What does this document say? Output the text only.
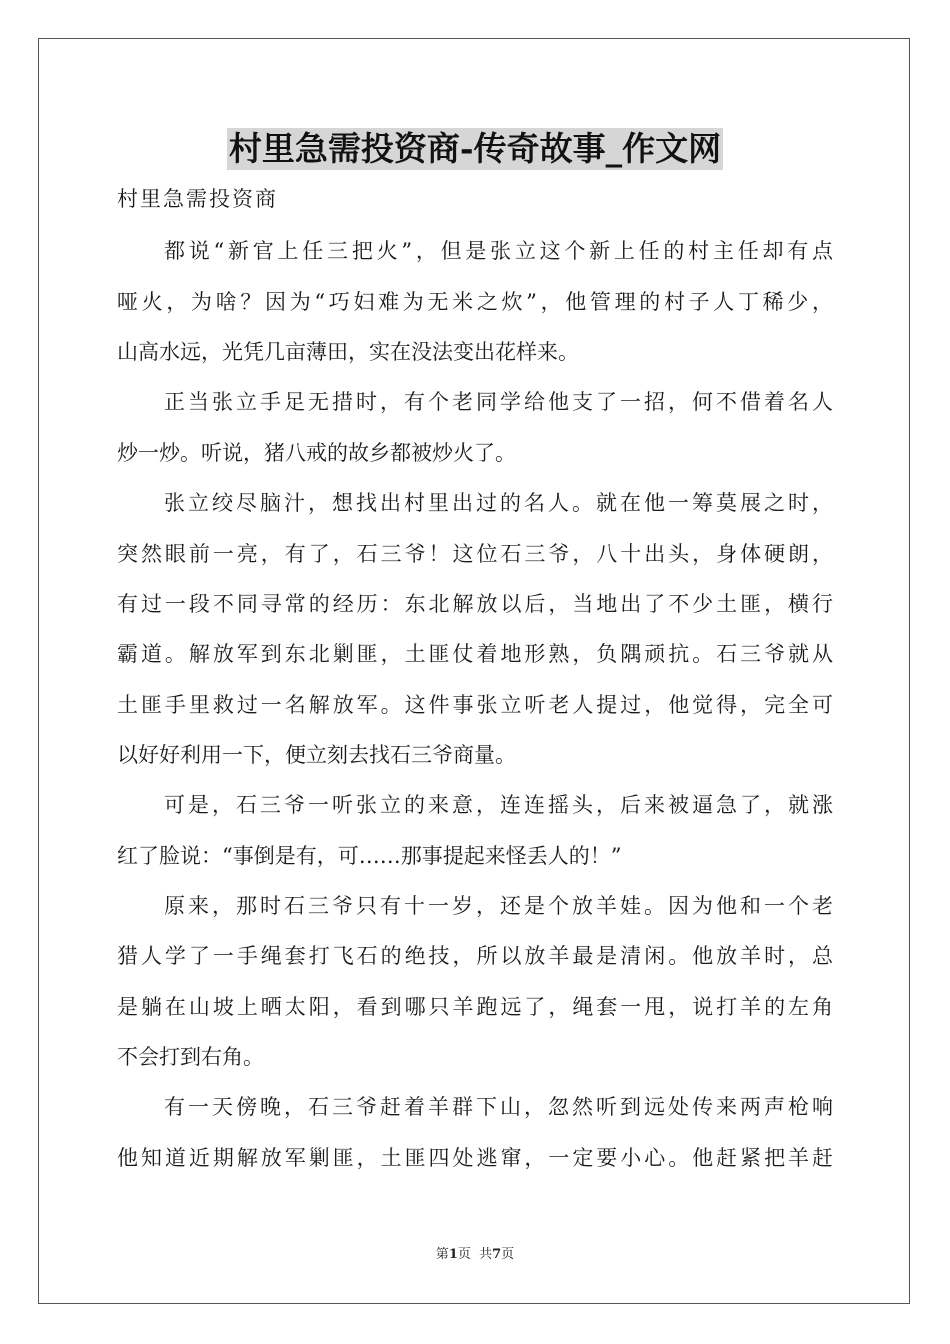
村里急需投资商-传奇故事_作文网
村里急需投资商
都说“新官上任三把火”，但是张立这个新上任的村主任却有点
哑火，为啥？因为“巧妇难为无米之炊”，他管理的村子人丁稀少，
山高水远，光凭几亩薄田，实在没法变出花样来。
正当张立手足无措时，有个老同学给他支了一招，何不借着名人
炒一炒。听说，猪八戒的故乡都被炒火了。
张立绞尽脑汁，想找出村里出过的名人。就在他一筹莫展之时，
突然眼前一亮，有了，石三爷！这位石三爷，八十出头，身体硬朗，
有过一段不同寻常的经历：东北解放以后，当地出了不少土匪，横行
霸道。解放军到东北剿匪，土匪仗着地形熟，负隅顽抗。石三爷就从
土匪手里救过一名解放军。这件事张立听老人提过，他觉得，完全可
以好好利用一下，便立刻去找石三爷商量。
可是，石三爷一听张立的来意，连连摇头，后来被逼急了，就涨
红了脸说：“事倒是有，可……那事提起来怪丢人的！”
原来，那时石三爷只有十一岁，还是个放羊娃。因为他和一个老
猎人学了一手绳套打飞石的绝技，所以放羊最是清闲。他放羊时，总
是躺在山坡上晒太阳，看到哪只羊跑远了，绳套一甩，说打羊的左角
不会打到右角。
有一天傍晚，石三爷赶着羊群下山，忽然听到远处传来两声枪响
他知道近期解放军剿匪，土匪四处逃窜，一定要小心。他赶紧把羊赶
第1页  共7页
